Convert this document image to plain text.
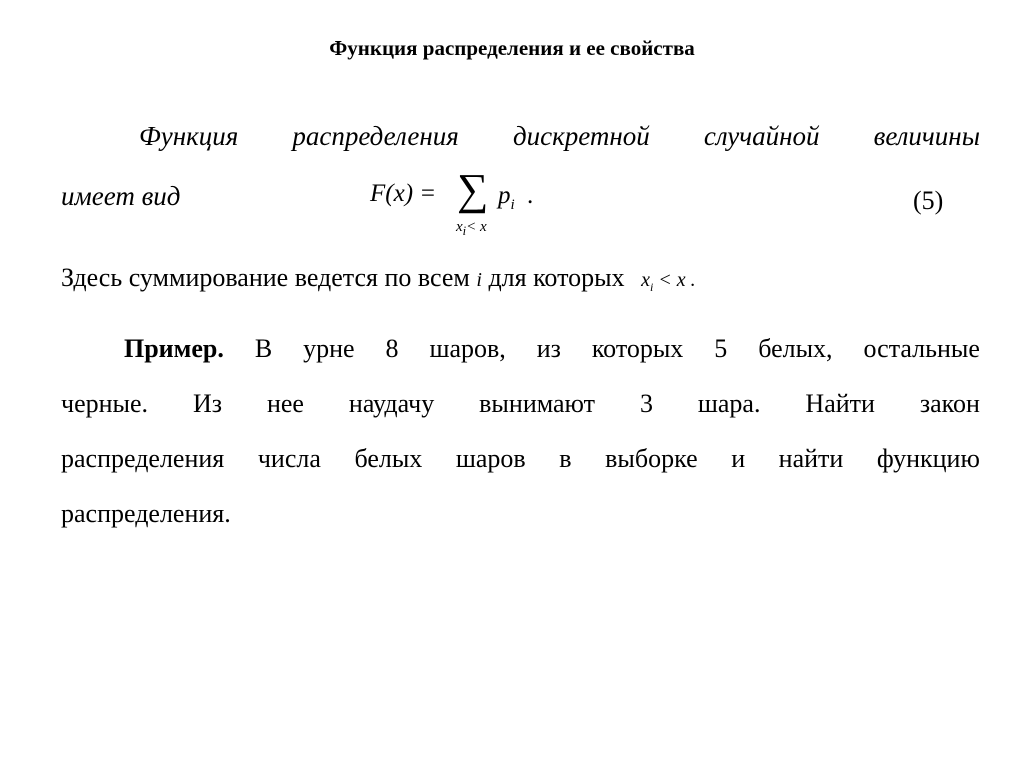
Функция распределения и ее свойства
Функция распределения дискретной случайной величины
имеет вид	F(x) = ∑ $p_i$
$x_i< x$
.	(5)
Здесь суммирование ведется по всем i для которых $x_i < x$ .
Пример. В урне 8 шаров, из которых 5 белых, остальные
черные. Из нее наудачу вынимают 3 шара. Найти закон
распределения числа белых шаров в выборке и найти функцию
распределения.
